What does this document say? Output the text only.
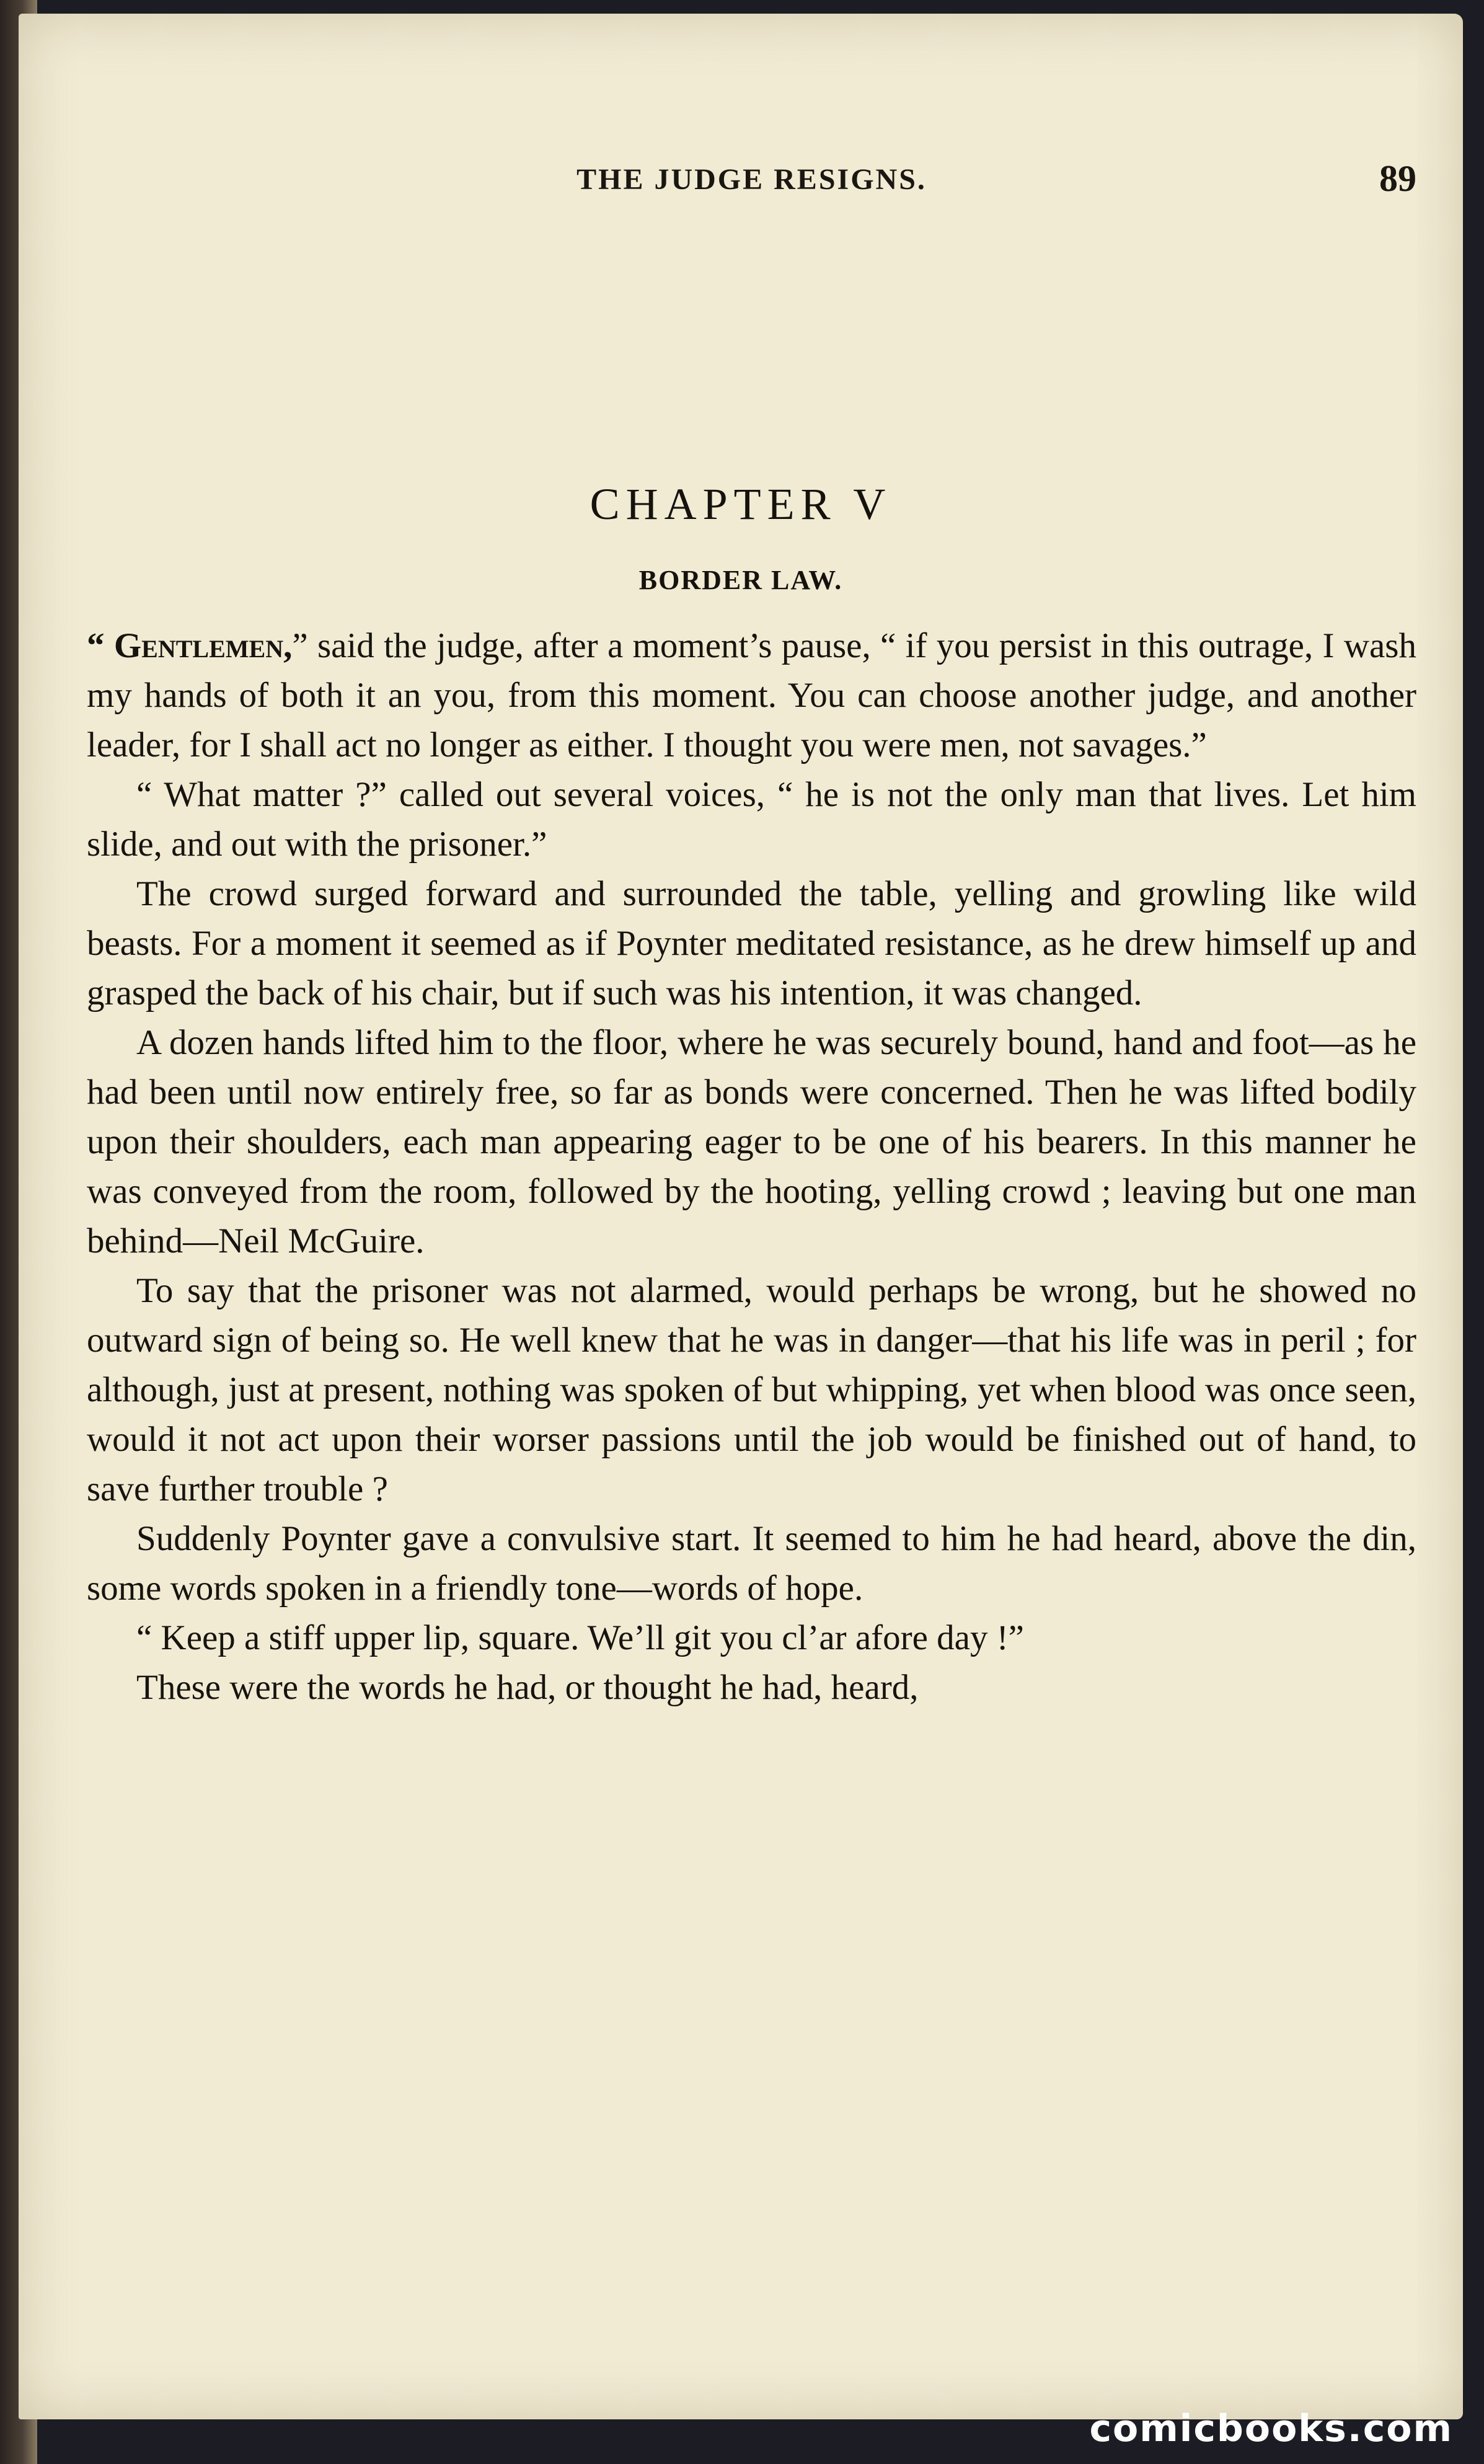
THE JUDGE RESIGNS.	89
CHAPTER V
BORDER LAW.

“ Gentlemen,” said the judge, after a moment’s pause, “ if you persist in this outrage, I wash my hands of both it an you, from this moment. You can choose another judge, and another leader, for I shall act no longer as either. I thought you were men, not savages.”

“ What matter ?” called out several voices, “ he is not the only man that lives. Let him slide, and out with the prisoner.”

The crowd surged forward and surrounded the table, yelling and growling like wild beasts. For a moment it seemed as if Poynter meditated resistance, as he drew himself up and grasped the back of his chair, but if such was his intention, it was changed.

A dozen hands lifted him to the floor, where he was securely bound, hand and foot—as he had been until now entirely free, so far as bonds were concerned. Then he was lifted bodily upon their shoulders, each man appearing eager to be one of his bearers. In this manner he was conveyed from the room, followed by the hooting, yelling crowd ; leaving but one man behind—Neil McGuire.

To say that the prisoner was not alarmed, would perhaps be wrong, but he showed no outward sign of being so. He well knew that he was in danger—that his life was in peril ; for although, just at present, nothing was spoken of but whipping, yet when blood was once seen, would it not act upon their worser passions until the job would be finished out of hand, to save further trouble ?

Suddenly Poynter gave a convulsive start. It seemed to him he had heard, above the din, some words spoken in a friendly tone—words of hope.

“ Keep a stiff upper lip, square. We’ll git you cl’ar afore day !”

These were the words he had, or thought he had, heard,

comicbooks.com
